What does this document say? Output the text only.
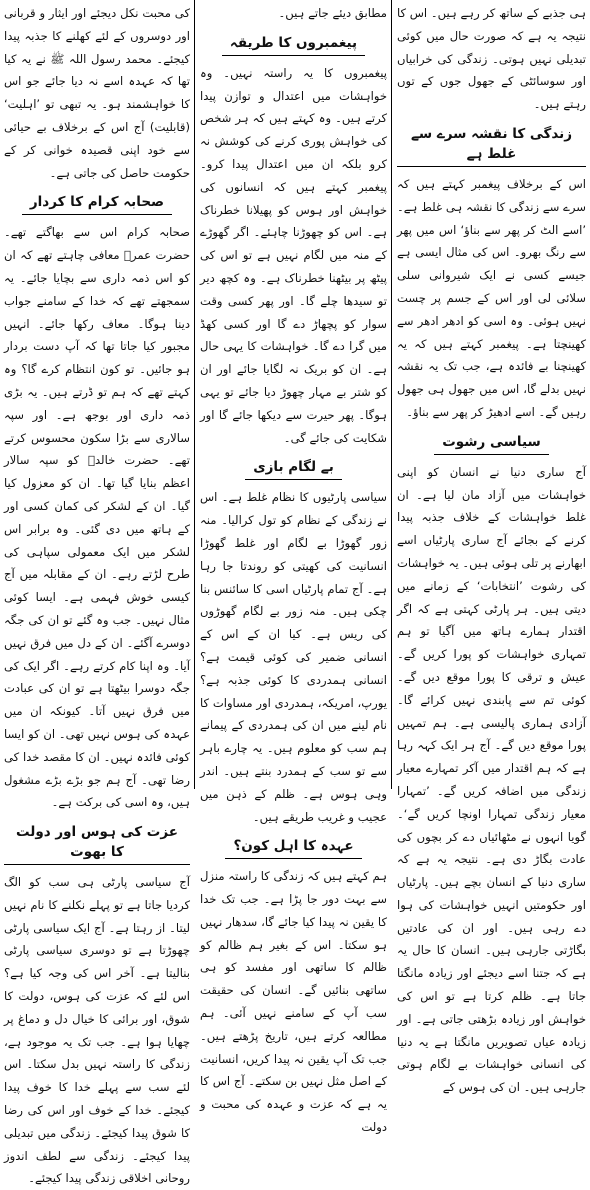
ہی جذبے کے ساتھ کر رہے ہیں۔ اس کا نتیجہ یہ ہے کہ صورت حال میں کوئی تبدیلی نہیں ہوتی۔ زندگی کی خرابیاں اور سوسائٹی کے جھول جوں کے توں رہتے ہیں۔

زندگی کا نقشہ سرے سے غلط ہے

اس کے برخلاف پیغمبر کہتے ہیں کہ سرے سے زندگی کا نقشہ ہی غلط ہے۔ ’اسے الٹ کر پھر سے بناؤ‘ اس میں پھر سے رنگ بھرو۔ اس کی مثال ایسی ہے جیسے کسی نے ایک شیروانی سلی سلائی لی اور اس کے جسم پر چست نہیں ہوئی۔ وہ اسی کو ادھر ادھر سے کھینچتا ہے۔ پیغمبر کہتے ہیں کہ یہ کھینچنا بے فائدہ ہے، جب تک یہ نقشہ نہیں بدلے گا، اس میں جھول ہی جھول رہیں گے۔ اسے ادھیڑ کر پھر سے بناؤ۔

سیاسی رشوت

آج ساری دنیا نے انسان کو اپنی خواہشات میں آزاد مان لیا ہے۔ ان غلط خواہشات کے خلاف جذبہ پیدا کرنے کے بجائے آج ساری پارٹیاں اسے ابھارنے پر تلی ہوئی ہیں۔ یہ خواہشات کی رشوت ’انتخابات‘ کے زمانے میں دیتی ہیں۔ ہر پارٹی کہتی ہے کہ اگر اقتدار ہمارے ہاتھ میں آگیا تو ہم تمہاری خواہشات کو پورا کریں گے۔ عیش و ترقی کا پورا موقع دیں گے۔ کوئی تم سے پابندی نہیں کرائے گا۔ آزادی ہماری پالیسی ہے۔ ہم تمہیں پورا موقع دیں گے۔ آج ہر ایک کہہ رہا ہے کہ ہم اقتدار میں آکر تمہارے معیار زندگی میں اضافہ کریں گے۔ ’تمہارا معیار زندگی تمہارا اونچا کریں گے‘۔ گویا انہوں نے مٹھائیاں دے کر بچوں کی عادت بگاڑ دی ہے۔ نتیجہ یہ ہے کہ ساری دنیا کے انسان بچے ہیں۔ پارٹیاں اور حکومتیں انہیں خواہشات کی ہوا دے رہی ہیں۔ اور ان کی عادتیں بگاڑتی جارہی ہیں۔ انسان کا حال یہ ہے کہ جتنا اسے دیجئے اور زیادہ مانگتا جاتا ہے۔ ظلم کرتا ہے تو اس کی خواہش اور زیادہ بڑھتی جاتی ہے۔ اور زیادہ عیاں تصویریں مانگتا ہے یہ دنیا کی انسانی خواہشات بے لگام ہوتی جارہی ہیں۔ ان کی ہوس کے

مطابق دیئے جاتے ہیں۔

پیغمبروں کا طریقہ

پیغمبروں کا یہ راستہ نہیں۔ وہ خواہشات میں اعتدال و توازن پیدا کرتے ہیں۔ وہ کہتے ہیں کہ ہر شخص کی خواہش پوری کرنے کی کوشش نہ کرو بلکہ ان میں اعتدال پیدا کرو۔ پیغمبر کہتے ہیں کہ انسانوں کی خواہش اور ہوس کو پھیلانا خطرناک ہے۔ اس کو چھوڑنا چاہئے۔ اگر گھوڑے کے منہ میں لگام نہیں ہے تو اس کی پیٹھ پر بیٹھنا خطرناک ہے۔ وہ کچھ دیر تو سیدھا چلے گا۔ اور پھر کسی وقت سوار کو پچھاڑ دے گا اور کسی کھڈ میں گرا دے گا۔ خواہشات کا یہی حال ہے۔ ان کو بریک نہ لگایا جائے اور ان کو شتر بے مہار چھوڑ دیا جائے تو یہی ہوگا۔ پھر حیرت سے دیکھا جائے گا اور شکایت کی جائے گی۔

بے لگام بازی

سیاسی پارٹیوں کا نظام غلط ہے۔ اس نے زندگی کے نظام کو تول کرالیا۔ منہ زور گھوڑا بے لگام اور غلط گھوڑا انسانیت کی کھیتی کو روندتا جا رہا ہے۔ آج تمام پارٹیاں اسی کا سائنس بنا چکی ہیں۔ منہ زور بے لگام گھوڑوں کی ریس ہے۔ کیا ان کے اس کے انسانی ضمیر کی کوئی قیمت ہے؟ انسانی ہمدردی کا کوئی جذبہ ہے؟ یورپ، امریکہ، ہمدردی اور مساوات کا نام لینے میں ان کی ہمدردی کے پیمانے ہم سب کو معلوم ہیں۔ یہ چارے باہر سے تو سب کے ہمدرد بنتے ہیں۔ اندر وہی ہوس ہے۔ ظلم کے ذہن میں عجیب و غریب طریقے ہیں۔

عہدہ کا اہل کون؟

ہم کہتے ہیں کہ زندگی کا راستہ منزل سے بہت دور جا پڑا ہے۔ جب تک خدا کا یقین نہ پیدا کیا جائے گا، سدھار نہیں ہو سکتا۔ اس کے بغیر ہم ظالم کو ظالم کا ساتھی اور مفسد کو ہی ساتھی بنائیں گے۔ انسان کی حقیقت سب آپ کے سامنے نہیں آئی۔ ہم مطالعہ کرتے ہیں، تاریخ پڑھتے ہیں۔ جب تک آپ یقین نہ پیدا کریں، انسانیت کے اصل مثل نہیں بن سکتے۔ آج اس کا یہ ہے کہ عزت و عہدہ کی محبت و دولت

کی محبت نکل دیجئے اور ایثار و قربانی اور دوسروں کے لئے کھلنے کا جذبہ پیدا کیجئے۔ محمد رسول اللہ ﷺ نے یہ کیا تھا کہ عہدہ اسے نہ دیا جائے جو اس کا خواہشمند ہو۔ یہ تبھی تو ’اہلیت‘ (قابلیت) آج اس کے برخلاف بے حیائی سے خود اپنی قصیدہ خوانی کر کے حکومت حاصل کی جاتی ہے۔

صحابہ کرام کا کردار

صحابہ کرام اس سے بھاگتے تھے۔ حضرت عمرؓ معافی چاہتے تھے کہ ان کو اس ذمہ داری سے بچایا جائے۔ یہ سمجھتے تھے کہ خدا کے سامنے جواب دینا ہوگا۔ معاف رکھا جائے۔ انہیں مجبور کیا جاتا تھا کہ آپ دست بردار ہو جائیں۔ تو کون انتظام کرے گا؟ وہ کہتے تھے کہ ہم تو ڈرتے ہیں۔ یہ بڑی ذمہ داری اور بوجھ ہے۔ اور سپہ سالاری سے بڑا سکون محسوس کرتے تھے۔ حضرت خالدؓ کو سپہ سالار اعظم بنایا گیا تھا۔ ان کو معزول کیا گیا۔ ان کے لشکر کی کمان کسی اور کے ہاتھ میں دی گئی۔ وہ برابر اس لشکر میں ایک معمولی سپاہی کی طرح لڑتے رہے۔ ان کے مقابلہ میں آج کیسی خوش فہمی ہے۔ ایسا کوئی مثال نہیں۔ جب وہ گئے تو ان کی جگہ دوسرے آگئے۔ ان کے دل میں فرق نہیں آیا۔ وہ اپنا کام کرتے رہے۔ اگر ایک کی جگہ دوسرا بیٹھتا ہے تو ان کی عبادت میں فرق نہیں آتا۔ کیونکہ ان میں عہدہ کی ہوس نہیں تھی۔ ان کو ایسا کوئی فائدہ نہیں۔ ان کا مقصد خدا کی رضا تھی۔ آج ہم جو بڑے بڑے مشغول ہیں، وہ اسی کی برکت ہے۔

عزت کی ہوس اور دولت کا بھوت

آج سیاسی پارٹی ہی سب کو الگ کردیا جاتا ہے تو پہلے نکلنے کا نام نہیں لیتا۔ از رہتا ہے۔ آج ایک سیاسی پارٹی چھوڑتا ہے تو دوسری سیاسی پارٹی بنالیتا ہے۔ آخر اس کی وجہ کیا ہے؟ اس لئے کہ عزت کی ہوس، دولت کا شوق، اور برائی کا خیال دل و دماغ پر چھایا ہوا ہے۔ جب تک یہ موجود ہے، زندگی کا راستہ نہیں بدل سکتا۔ اس لئے سب سے پہلے خدا کا خوف پیدا کیجئے۔ خدا کے خوف اور اس کی رضا کا شوق پیدا کیجئے۔ زندگی میں تبدیلی پیدا کیجئے۔ زندگی سے لطف اندوز روحانی اخلاقی زندگی پیدا کیجئے۔
